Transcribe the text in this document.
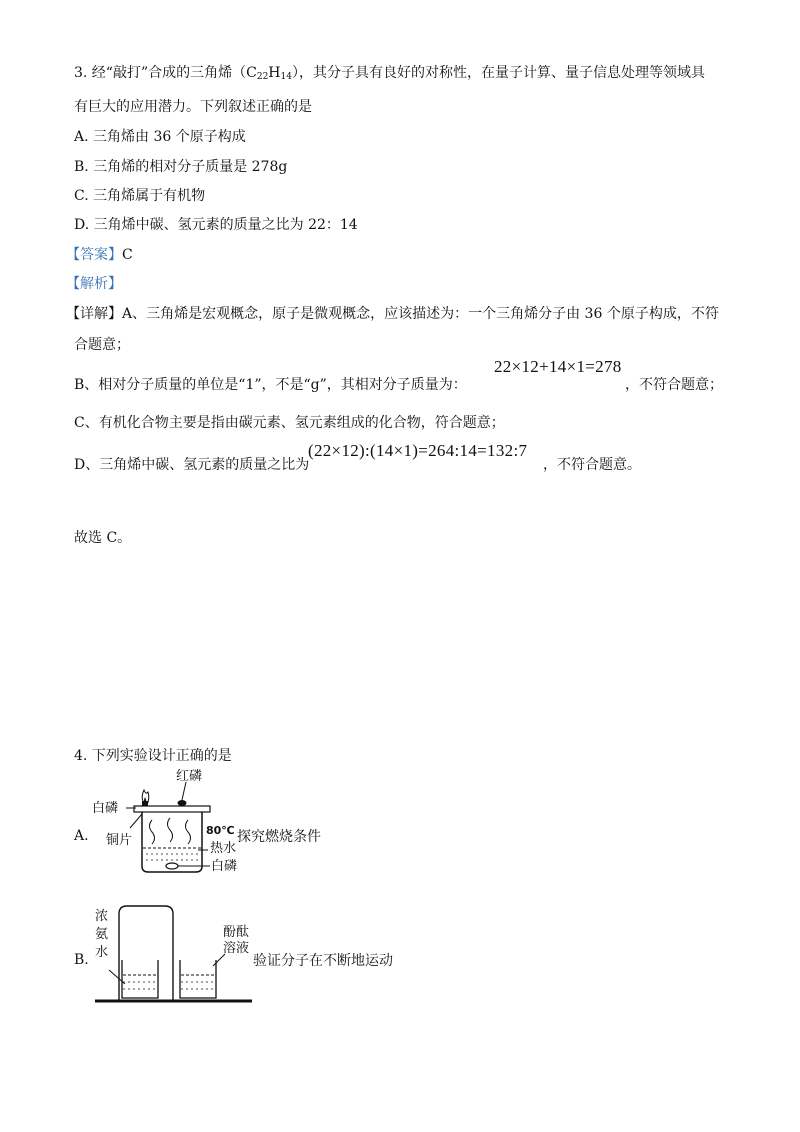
3. 经“敲打”合成的三角烯$(C_{22}H_{14})$，其分子具有良好的对称性，在量子计算、量子信息处理等领域具
有巨大的应用潜力。下列叙述正确的是
A. 三角烯由 36 个原子构成
B. 三角烯的相对分子质量是 278g
C. 三角烯属于有机物
D. 三角烯中碳、氢元素的质量之比为 22：14
【答案】C
【解析】
【详解】A、三角烯是宏观概念，原子是微观概念，应该描述为：一个三角烯分子由 36 个原子构成，不符
合题意；
B、相对分子质量的单位是“1”，不是“g”，其相对分子质量为：
22×12+14×1=278
，不符合题意；
C、有机化合物主要是指由碳元素、氢元素组成的化合物，符合题意；
D、三角烯中碳、氢元素的质量之比为
(22×12):(14×1)=264:14=132:7
，不符合题意。
故选 C。
4. 下列实验设计正确的是
A.	探究燃烧条件
红磷
白磷
铜片
80℃
热水
白磷
B.	验证分子在不断地运动
浓
氨
水
酚酞
溶液
